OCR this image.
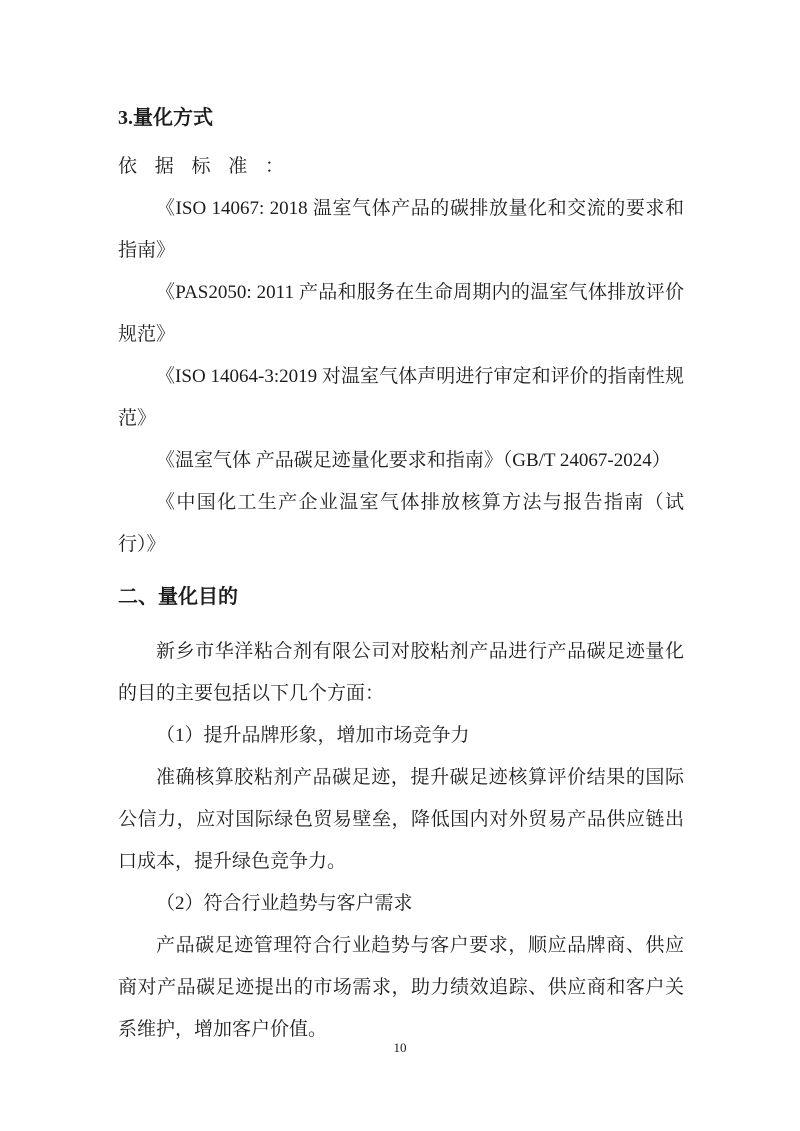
3.量化方式

依 据 标 准 ：

《ISO 14067: 2018 温室气体产品的碳排放量化和交流的要求和指南》

《PAS2050: 2011 产品和服务在生命周期内的温室气体排放评价规范》

《ISO 14064-3:2019 对温室气体声明进行审定和评价的指南性规范》

《温室气体 产品碳足迹量化要求和指南》（GB/T 24067-2024）

《中国化工生产企业温室气体排放核算方法与报告指南（试行）》

二、量化目的

新乡市华洋粘合剂有限公司对胶粘剂产品进行产品碳足迹量化的目的主要包括以下几个方面：

（1）提升品牌形象，增加市场竞争力

准确核算胶粘剂产品碳足迹，提升碳足迹核算评价结果的国际公信力，应对国际绿色贸易壁垒，降低国内对外贸易产品供应链出口成本，提升绿色竞争力。

（2）符合行业趋势与客户需求

产品碳足迹管理符合行业趋势与客户要求，顺应品牌商、供应商对产品碳足迹提出的市场需求，助力绩效追踪、供应商和客户关系维护，增加客户价值。

10
